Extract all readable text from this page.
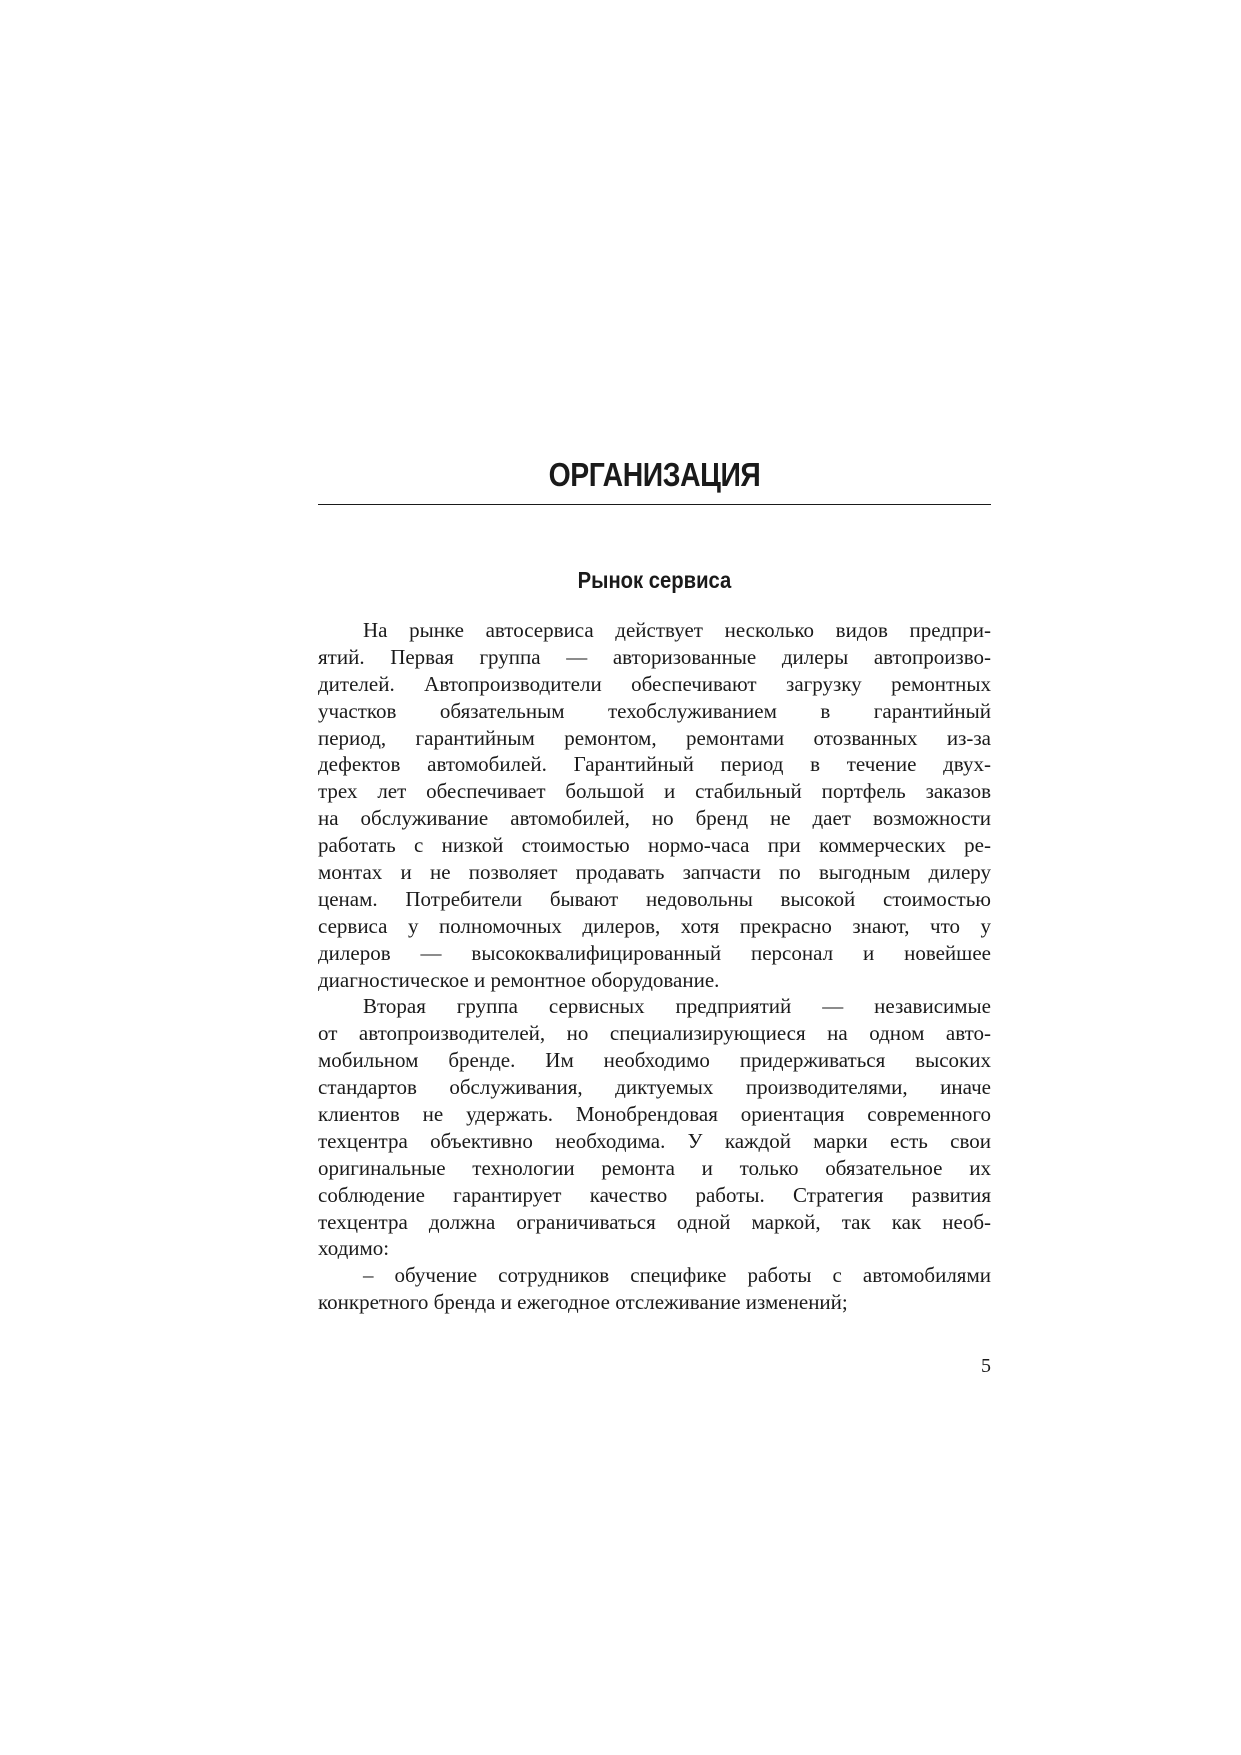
ОРГАНИЗАЦИЯ
Рынок сервиса
На рынке автосервиса действует несколько видов предпри-
ятий. Первая группа — авторизованные дилеры автопроизво-
дителей. Автопроизводители обеспечивают загрузку ремонтных
участков обязательным техобслуживанием в гарантийный
период, гарантийным ремонтом, ремонтами отозванных из-за
дефектов автомобилей. Гарантийный период в течение двух-
трех лет обеспечивает большой и стабильный портфель заказов
на обслуживание автомобилей, но бренд не дает возможности
работать с низкой стоимостью нормо-часа при коммерческих ре-
монтах и не позволяет продавать запчасти по выгодным дилеру
ценам. Потребители бывают недовольны высокой стоимостью
сервиса у полномочных дилеров, хотя прекрасно знают, что у
дилеров — высококвалифицированный персонал и новейшее
диагностическое и ремонтное оборудование.
Вторая группа сервисных предприятий — независимые
от автопроизводителей, но специализирующиеся на одном авто-
мобильном бренде. Им необходимо придерживаться высоких
стандартов обслуживания, диктуемых производителями, иначе
клиентов не удержать. Монобрендовая ориентация современного
техцентра объективно необходима. У каждой марки есть свои
оригинальные технологии ремонта и только обязательное их
соблюдение гарантирует качество работы. Стратегия развития
техцентра должна ограничиваться одной маркой, так как необ-
ходимо:
– обучение сотрудников специфике работы с автомобилями
конкретного бренда и ежегодное отслеживание изменений;
5
